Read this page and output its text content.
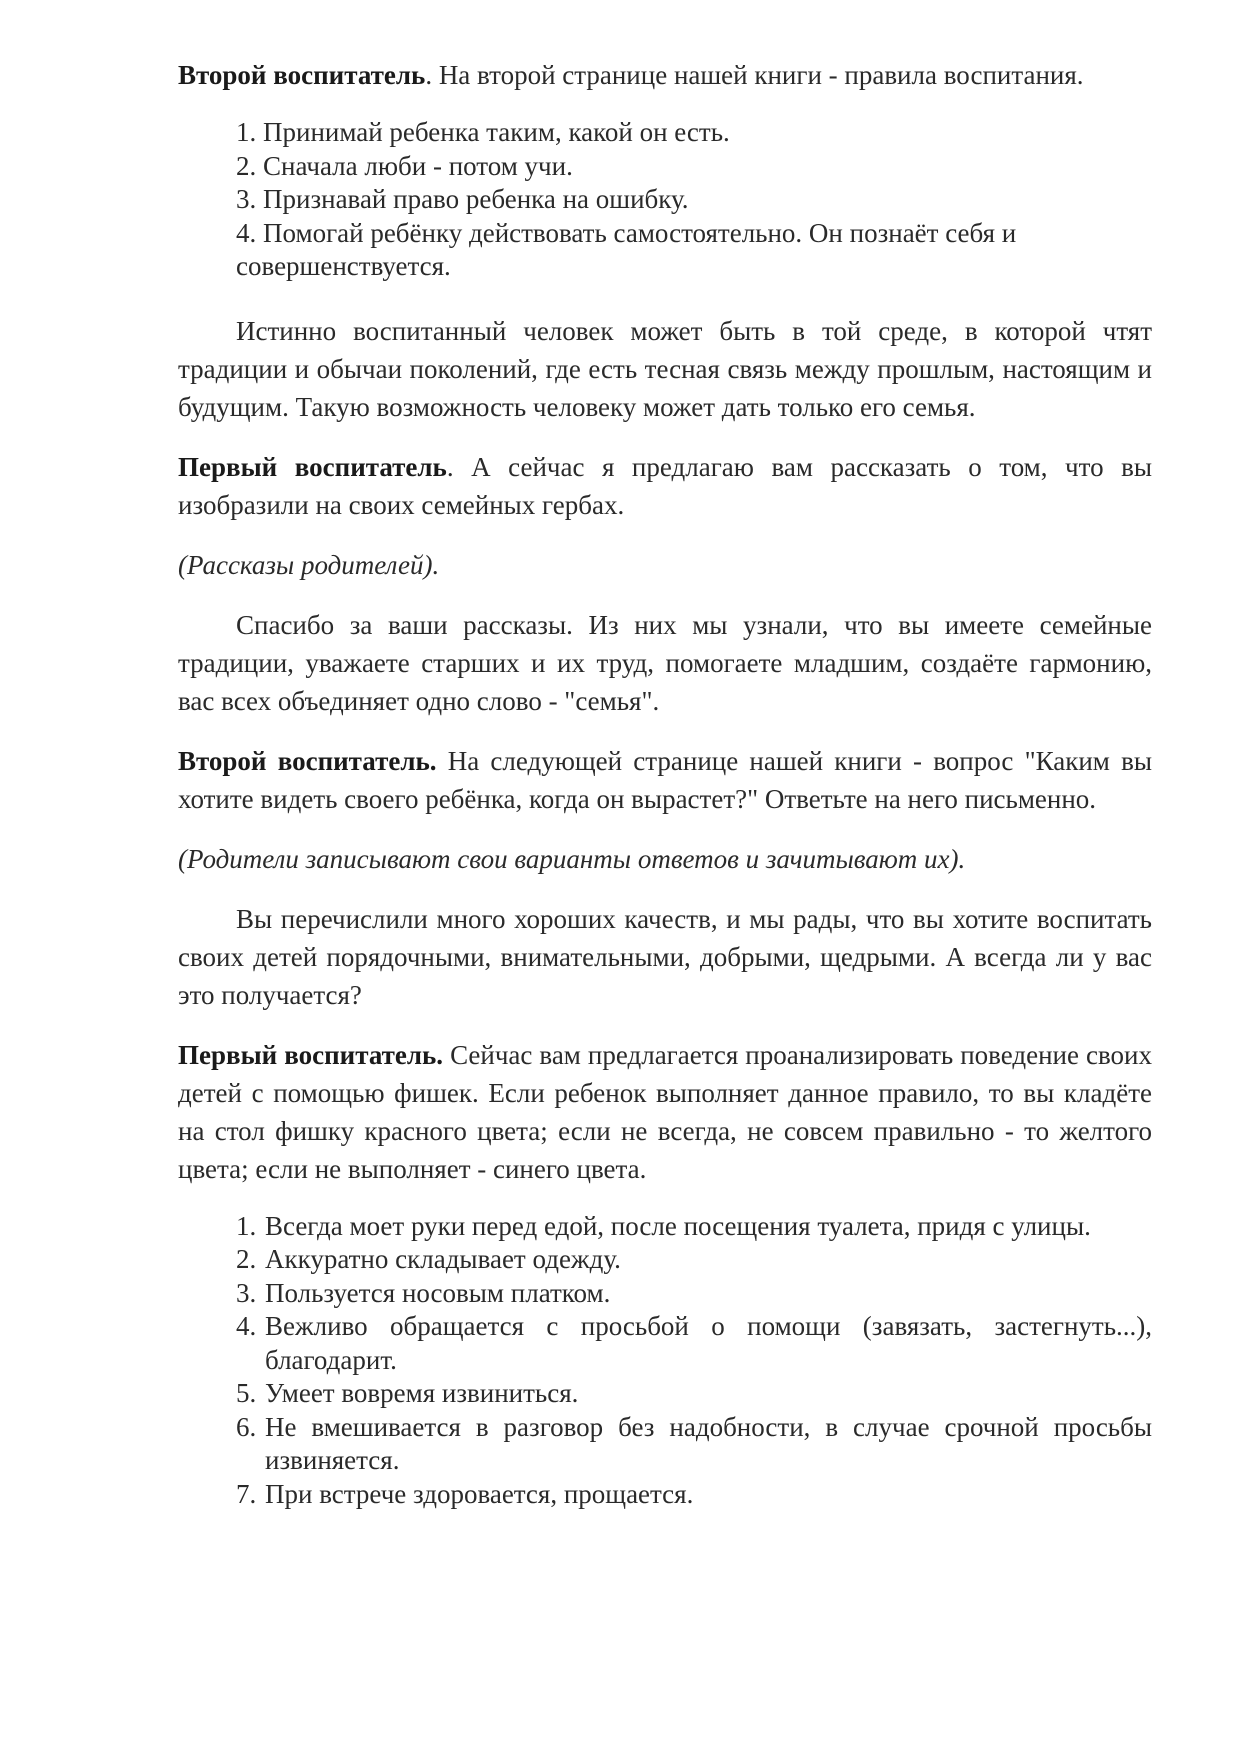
Второй воспитатель. На второй странице нашей книги - правила воспитания.

1. Принимай ребенка таким, какой он есть.
2. Сначала люби - потом учи.
3. Признавай право ребенка на ошибку.
4. Помогай ребёнку действовать самостоятельно. Он познаёт себя и совершенствуется.

Истинно воспитанный человек может быть в той среде, в которой чтят традиции и обычаи поколений, где есть тесная связь между прошлым, настоящим и будущим. Такую возможность человеку может дать только его семья.

Первый воспитатель. А сейчас я предлагаю вам рассказать о том, что вы изобразили на своих семейных гербах.

(Рассказы родителей).

Спасибо за ваши рассказы. Из них мы узнали, что вы имеете семейные традиции, уважаете старших и их труд, помогаете младшим, создаёте гармонию, вас всех объединяет одно слово - "семья".

Второй воспитатель. На следующей странице нашей книги - вопрос "Каким вы хотите видеть своего ребёнка, когда он вырастет?" Ответьте на него письменно.

(Родители записывают свои варианты ответов и зачитывают их).

Вы перечислили много хороших качеств, и мы рады, что вы хотите воспитать своих детей порядочными, внимательными, добрыми, щедрыми. А всегда ли у вас это получается?

Первый воспитатель. Сейчас вам предлагается проанализировать поведение своих детей с помощью фишек. Если ребенок выполняет данное правило, то вы кладёте на стол фишку красного цвета; если не всегда, не совсем правильно - то желтого цвета; если не выполняет - синего цвета.

1. Всегда моет руки перед едой, после посещения туалета, придя с улицы.
2. Аккуратно складывает одежду.
3. Пользуется носовым платком.
4. Вежливо обращается с просьбой о помощи (завязать, застегнуть...), благодарит.
5. Умеет вовремя извиниться.
6. Не вмешивается в разговор без надобности, в случае срочной просьбы извиняется.
7. При встрече здоровается, прощается.
